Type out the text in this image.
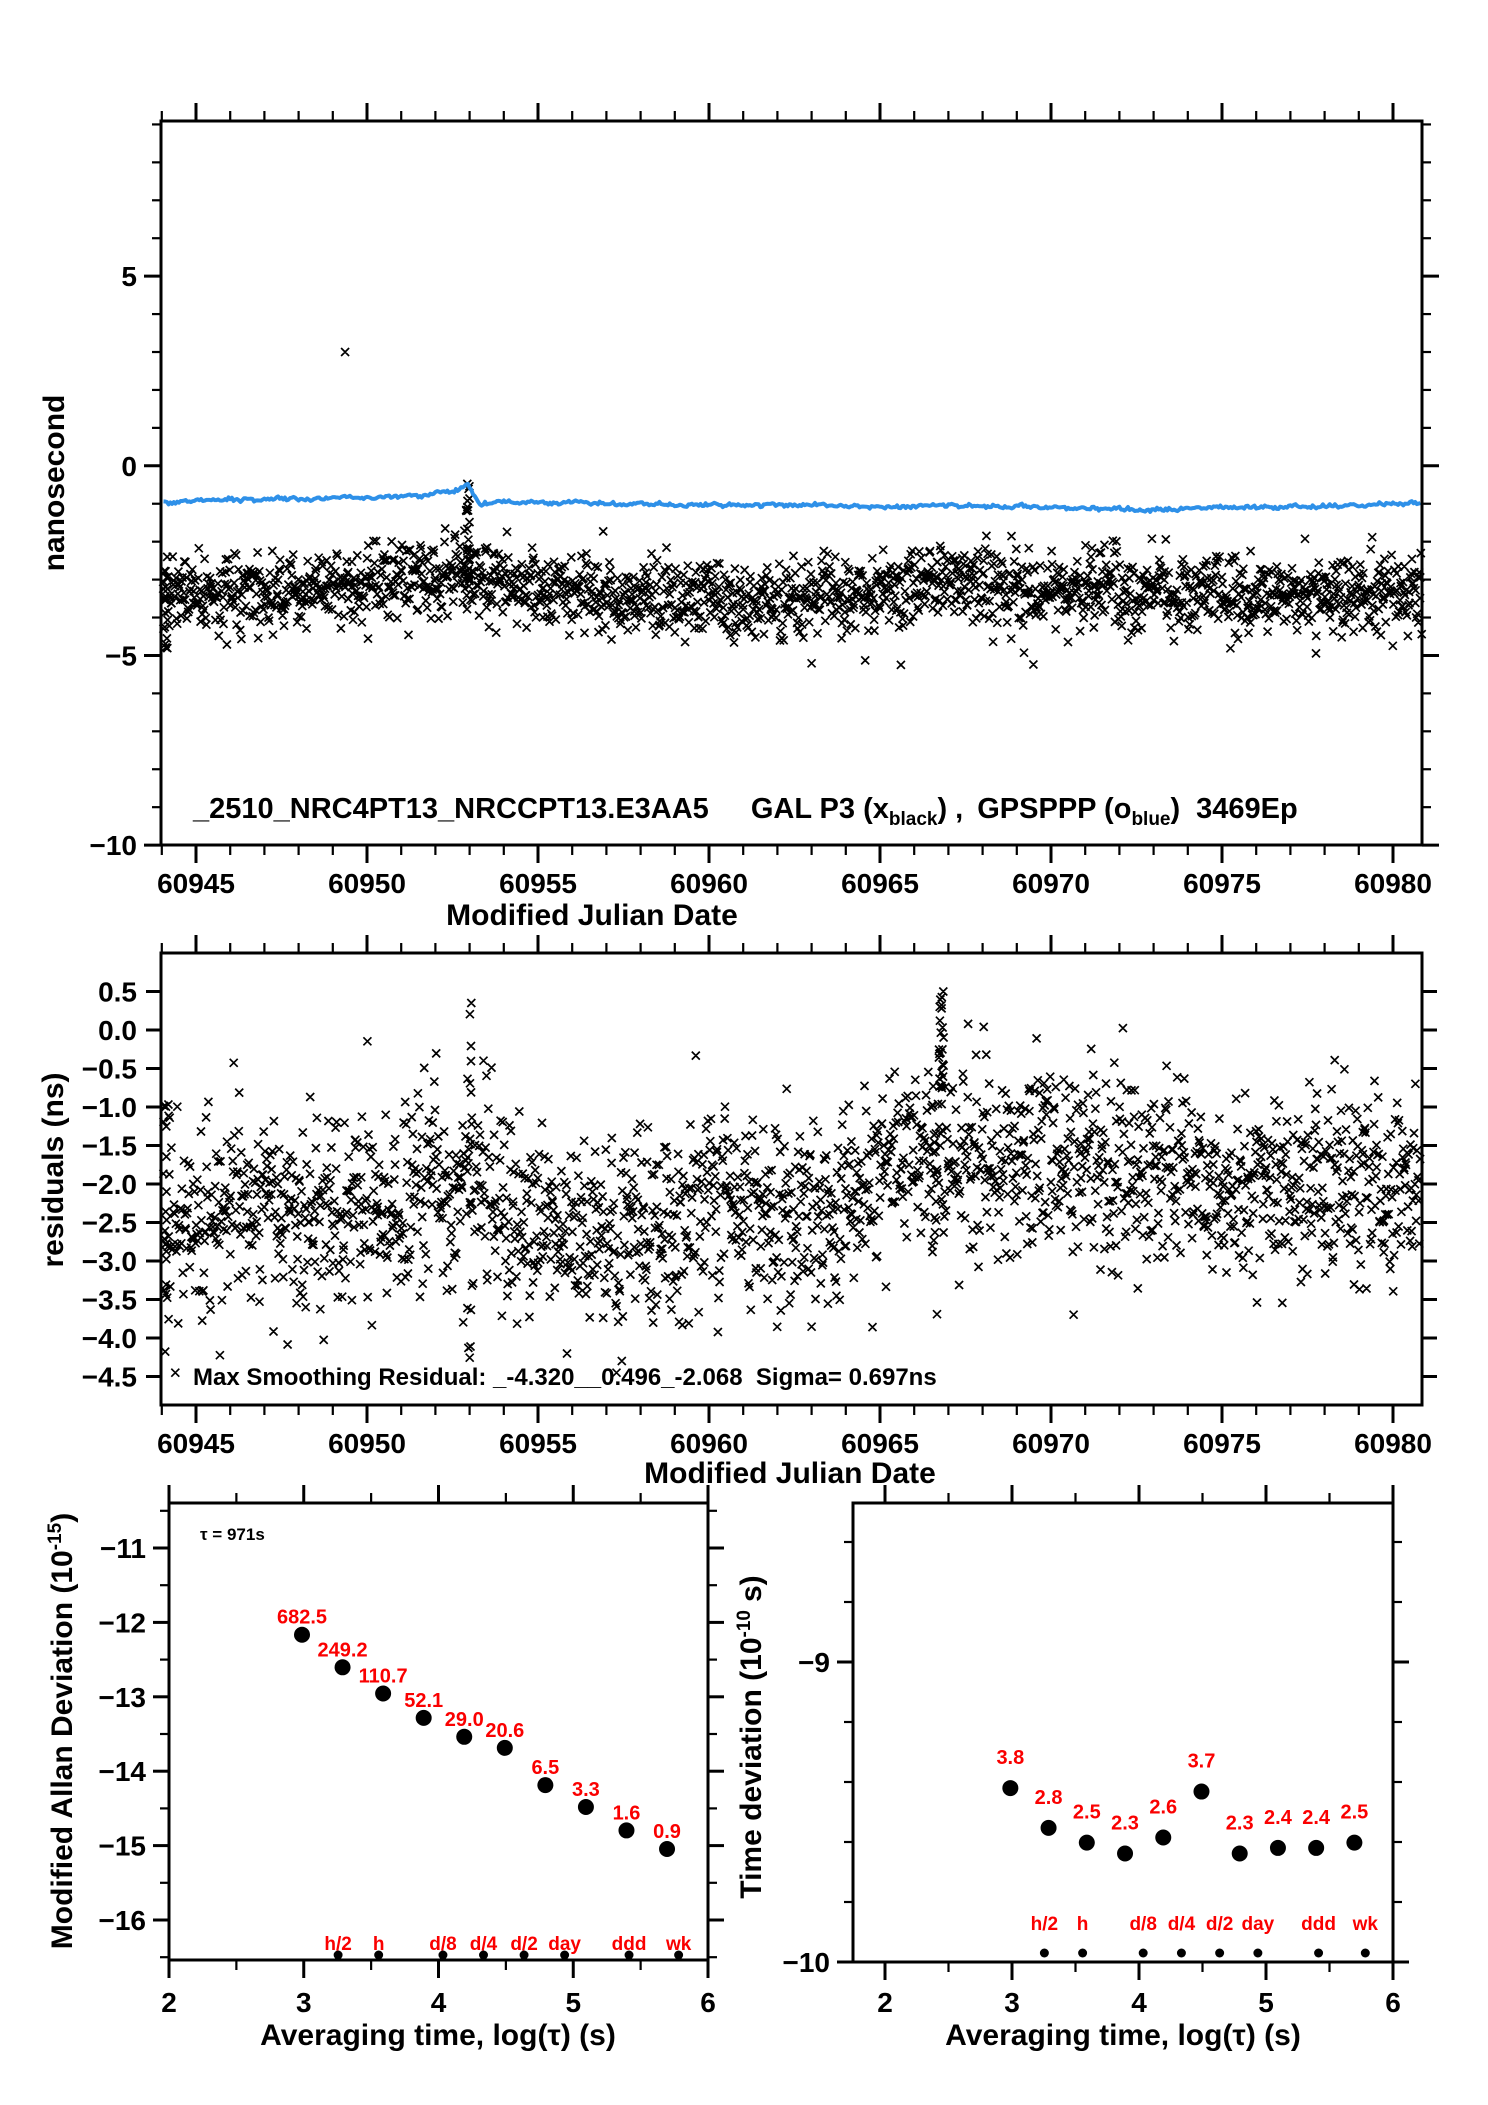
60945	60950	60955	60960	60965	60970	60975	60980
5
0
−5
−10
60945	60950	60955	60960	60965	60970	60975	60980
0.5
0.0
−0.5
−1.0
−1.5
−2.0
−2.5
−3.0
−3.5
−4.0
−4.5
2	3	4	5	6
−11
−12
−13
−14
−15
−16
2	3	4	5	6
−9
−10
682.5
249.2
110.7
52.1
29.0
20.6
6.5
3.3
1.6
0.9
3.8
2.8
2.5 2.3
2.6
3.7
2.3 2.4 2.4 2.5
h/2 h d/8 d/4 d/2 day ddd wk
h/2 h d/8 d/4 d/2 day ddd wk
_2510_NRC4PT13_NRCCPT13.E3AA5 GAL P3 $(x_{black})$ , GPSPPP $(o_{blue})$ 3469Ep
Modified Julian Date
nanosecond
Max Smoothing Residual: _-4.320__0.496_-2.068  Sigma= 0.697ns
Modified Julian Date
residuals (ns)
τ = 971s
Averaging time, log(τ) (s)
Modified Allan Deviation $(10^{-15})$
Averaging time, log(τ) (s)
Time deviation $(10^{-10}s)$
